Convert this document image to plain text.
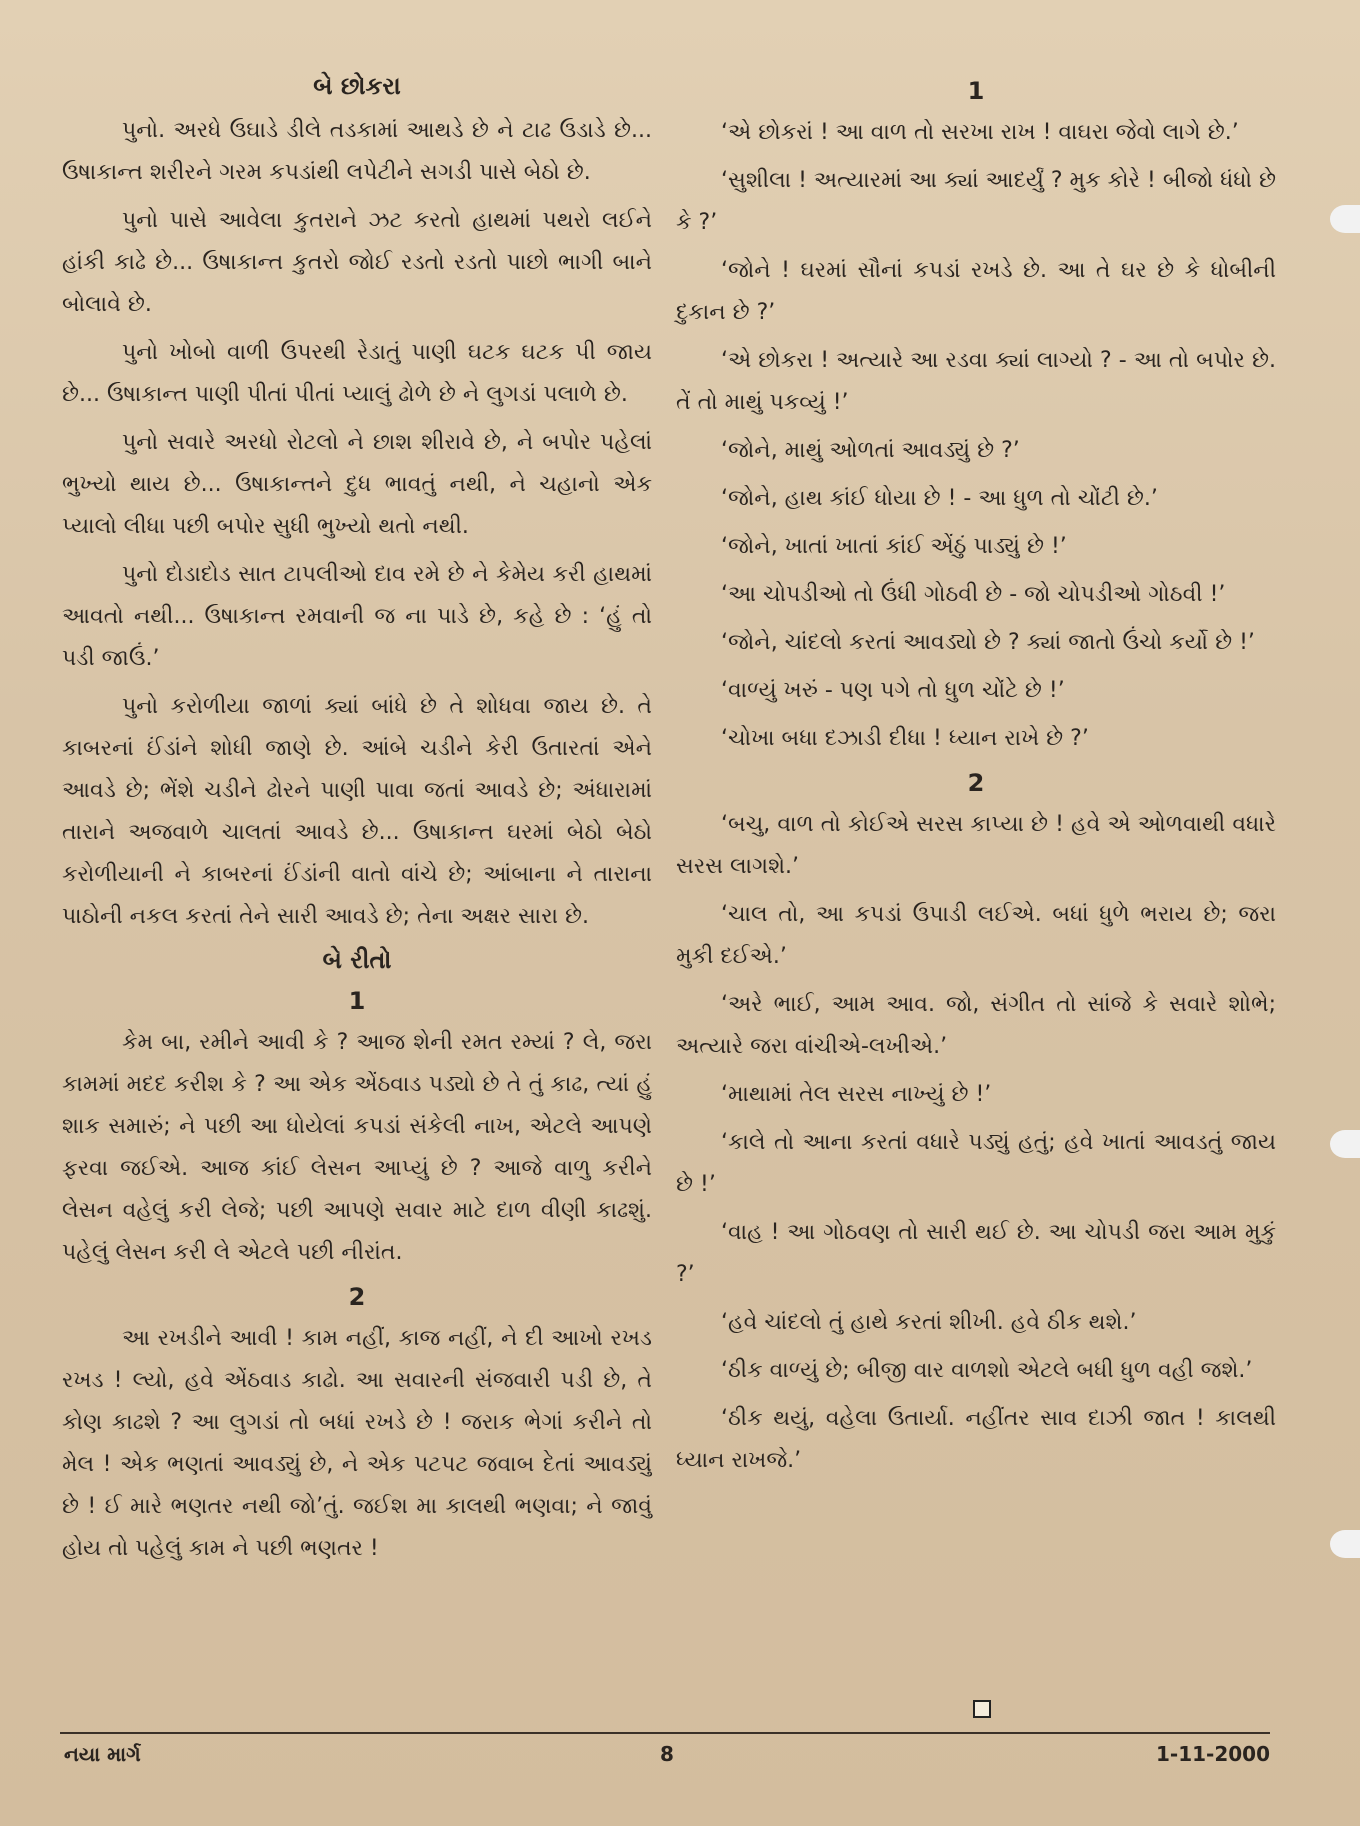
બે છોકરા

પુનો. અરધે ઉઘાડે ડીલે તડકામાં આથડે છે ને ટાઢ ઉડાડે છે... ઉષાકાન્ત શરીરને ગરમ કપડાંથી લપેટીને સગડી પાસે બેઠો છે.

પુનો પાસે આવેલા કુતરાને ઝટ કરતો હાથમાં પથરો લઈને હાંકી કાઢે છે... ઉષાકાન્ત કુતરો જોઈ રડતો રડતો પાછો ભાગી બાને બોલાવે છે.

પુનો ખોબો વાળી ઉપરથી રેડાતું પાણી ઘટક ઘટક પી જાય છે... ઉષાકાન્ત પાણી પીતાં પીતાં પ્યાલું ઢોળે છે ને લુગડાં પલાળે છે.

પુનો સવારે અરધો રોટલો ને છાશ શીરાવે છે, ને બપોર પહેલાં ભુખ્યો થાય છે... ઉષાકાન્તને દુધ ભાવતું નથી, ને ચહાનો એક પ્યાલો લીધા પછી બપોર સુધી ભુખ્યો થતો નથી.

પુનો દોડાદોડ સાત ટાપલીઓ દાવ રમે છે ને કેમેય કરી હાથમાં આવતો નથી... ઉષાકાન્ત રમવાની જ ના પાડે છે, કહે છે : ‘હું તો પડી જાઉં.’

પુનો કરોળીયા જાળાં ક્યાં બાંધે છે તે શોધવા જાય છે. તે કાબરનાં ઈંડાંને શોધી જાણે છે. આંબે ચડીને કેરી ઉતારતાં એને આવડે છે; ભેંશે ચડીને ઢોરને પાણી પાવા જતાં આવડે છે; અંધારામાં તારાને અજવાળે ચાલતાં આવડે છે... ઉષાકાન્ત ઘરમાં બેઠો બેઠો કરોળીયાની ને કાબરનાં ઈંડાંની વાતો વાંચે છે; આંબાના ને તારાના પાઠોની નકલ કરતાં તેને સારી આવડે છે; તેના અક્ષર સારા છે.

બે રીતો
1

કેમ બા, રમીને આવી કે ? આજ શેની રમત રમ્યાં ? લે, જરા કામમાં મદદ કરીશ કે ? આ એક એંઠવાડ પડ્યો છે તે તું કાઢ, ત્યાં હું શાક સમારું; ને પછી આ ધોયેલાં કપડાં સંકેલી નાખ, એટલે આપણે ફરવા જઈએ. આજ કાંઈ લેસન આપ્યું છે ? આજે વાળુ કરીને લેસન વહેલું કરી લેજે; પછી આપણે સવાર માટે દાળ વીણી કાઢશું. પહેલું લેસન કરી લે એટલે પછી નીરાંત.

2

આ રખડીને આવી ! કામ નહીં, કાજ નહીં, ને દી આખો રખડ રખડ ! લ્યો, હવે એંઠવાડ કાઢો. આ સવારની સંજવારી પડી છે, તે કોણ કાઢશે ? આ લુગડાં તો બધાં રખડે છે ! જરાક ભેગાં કરીને તો મેલ ! એક ભણતાં આવડ્યું છે, ને એક પટપટ જવાબ દેતાં આવડ્યું છે ! ઈ મારે ભણતર નથી જો’તું. જઈશ મા કાલથી ભણવા; ને જાવું હોય તો પહેલું કામ ને પછી ભણતર !

1

‘એ છોકરાં ! આ વાળ તો સરખા રાખ ! વાઘરા જેવો લાગે છે.’

‘સુશીલા ! અત્યારમાં આ ક્યાં આદર્યું ? મુક કોરે ! બીજો ધંધો છે કે ?’

‘જોને ! ઘરમાં સૌનાં કપડાં રખડે છે. આ તે ઘર છે કે ધોબીની દુકાન છે ?’

‘એ છોકરા ! અત્યારે આ રડવા ક્યાં લાગ્યો ? - આ તો બપોર છે. તેં તો માથું પકવ્યું !’

‘જોને, માથું ઓળતાં આવડ્યું છે ?’

‘જોને, હાથ કાંઈ ધોયા છે ! - આ ધુળ તો ચોંટી છે.’

‘જોને, ખાતાં ખાતાં કાંઈ એંઠું પાડ્યું છે !’

‘આ ચોપડીઓ તો ઉંધી ગોઠવી છે - જો ચોપડીઓ ગોઠવી !’

‘જોને, ચાંદલો કરતાં આવડ્યો છે ? ક્યાં જાતો ઉંચો કર્યો છે !’

‘વાળ્યું ખરું - પણ પગે તો ધુળ ચોંટે છે !’

‘ચોખા બધા દઝાડી દીધા ! ધ્યાન રાખે છે ?’

2

‘બચુ, વાળ તો કોઈએ સરસ કાપ્યા છે ! હવે એ ઓળવાથી વધારે સરસ લાગશે.’

‘ચાલ તો, આ કપડાં ઉપાડી લઈએ. બધાં ધુળે ભરાય છે; જરા મુકી દઈએ.’

‘અરે ભાઈ, આમ આવ. જો, સંગીત તો સાંજે કે સવારે શોભે; અત્યારે જરા વાંચીએ-લખીએ.’

‘માથામાં તેલ સરસ નાખ્યું છે !’

‘કાલે તો આના કરતાં વધારે પડ્યું હતું; હવે ખાતાં આવડતું જાય છે !’

‘વાહ ! આ ગોઠવણ તો સારી થઈ છે. આ ચોપડી જરા આમ મુકું ?’

‘હવે ચાંદલો તું હાથે કરતાં શીખી. હવે ઠીક થશે.’

‘ઠીક વાળ્યું છે; બીજી વાર વાળશો એટલે બધી ધુળ વહી જશે.’

‘ઠીક થયું, વહેલા ઉતાર્યા. નહીંતર સાવ દાઝી જાત ! કાલથી ધ્યાન રાખજે.’

નયા માર્ગ	8	1-11-2000
